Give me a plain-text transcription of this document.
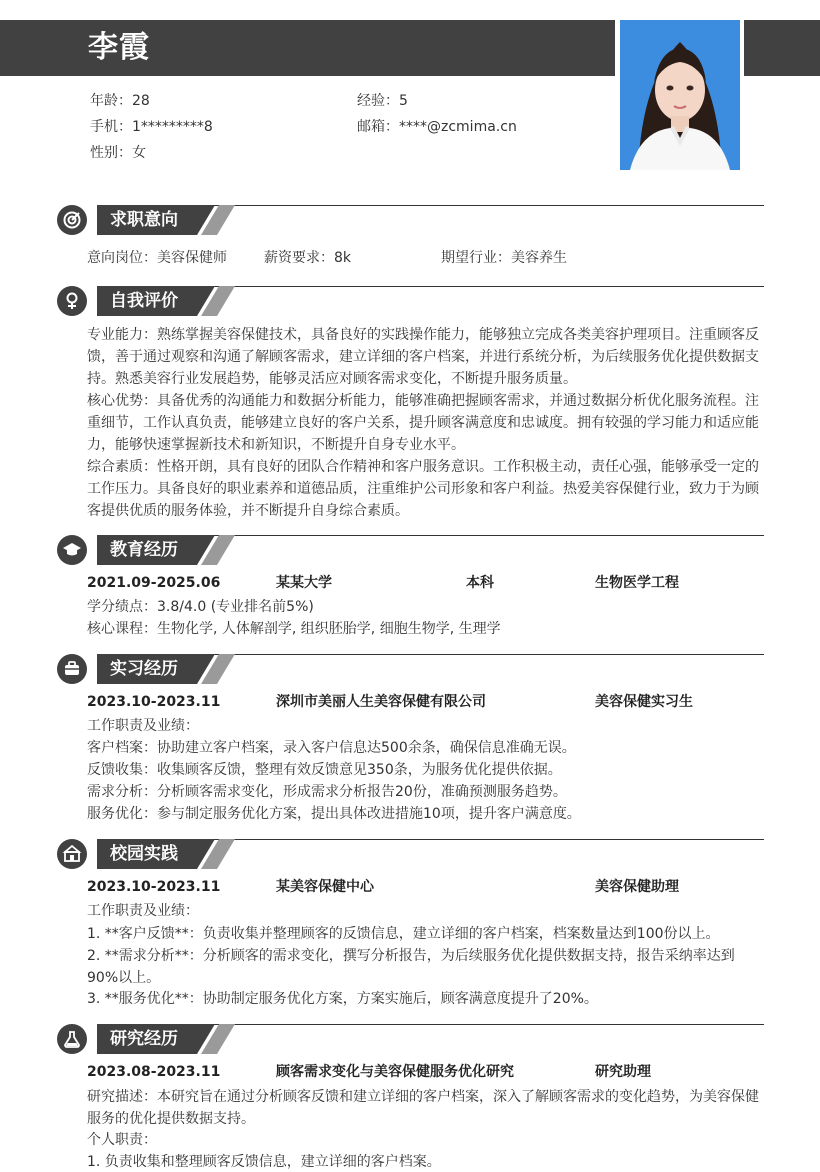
李霞
年龄：28	经验：5
手机：1*********8	邮箱：****@zcmima.cn
性别：女
求职意向
意向岗位：美容保健师	薪资要求：8k	期望行业：美容养生
自我评价
专业能力：熟练掌握美容保健技术，具备良好的实践操作能力，能够独立完成各类美容护理项目。注重顾客反馈，善于通过观察和沟通了解顾客需求，建立详细的客户档案，并进行系统分析，为后续服务优化提供数据支持。熟悉美容行业发展趋势，能够灵活应对顾客需求变化，不断提升服务质量。
核心优势：具备优秀的沟通能力和数据分析能力，能够准确把握顾客需求，并通过数据分析优化服务流程。注重细节，工作认真负责，能够建立良好的客户关系，提升顾客满意度和忠诚度。拥有较强的学习能力和适应能力，能够快速掌握新技术和新知识，不断提升自身专业水平。
综合素质：性格开朗，具有良好的团队合作精神和客户服务意识。工作积极主动，责任心强，能够承受一定的工作压力。具备良好的职业素养和道德品质，注重维护公司形象和客户利益。热爱美容保健行业，致力于为顾客提供优质的服务体验，并不断提升自身综合素质。
教育经历
2021.09-2025.06	某某大学	本科	生物医学工程
学分绩点：3.8/4.0 (专业排名前5%)
核心课程：生物化学, 人体解剖学, 组织胚胎学, 细胞生物学, 生理学
实习经历
2023.10-2023.11	深圳市美丽人生美容保健有限公司	美容保健实习生
工作职责及业绩：
客户档案：协助建立客户档案，录入客户信息达500余条，确保信息准确无误。
反馈收集：收集顾客反馈，整理有效反馈意见350条，为服务优化提供依据。
需求分析：分析顾客需求变化，形成需求分析报告20份，准确预测服务趋势。
服务优化：参与制定服务优化方案，提出具体改进措施10项，提升客户满意度。
校园实践
2023.10-2023.11	某美容保健中心	美容保健助理
工作职责及业绩：
1. **客户反馈**：负责收集并整理顾客的反馈信息，建立详细的客户档案，档案数量达到100份以上。
2. **需求分析**：分析顾客的需求变化，撰写分析报告，为后续服务优化提供数据支持，报告采纳率达到90%以上。
3. **服务优化**：协助制定服务优化方案，方案实施后，顾客满意度提升了20%。
研究经历
2023.08-2023.11	顾客需求变化与美容保健服务优化研究	研究助理
研究描述：本研究旨在通过分析顾客反馈和建立详细的客户档案，深入了解顾客需求的变化趋势，为美容保健服务的优化提供数据支持。
个人职责：
1. 负责收集和整理顾客反馈信息，建立详细的客户档案。
